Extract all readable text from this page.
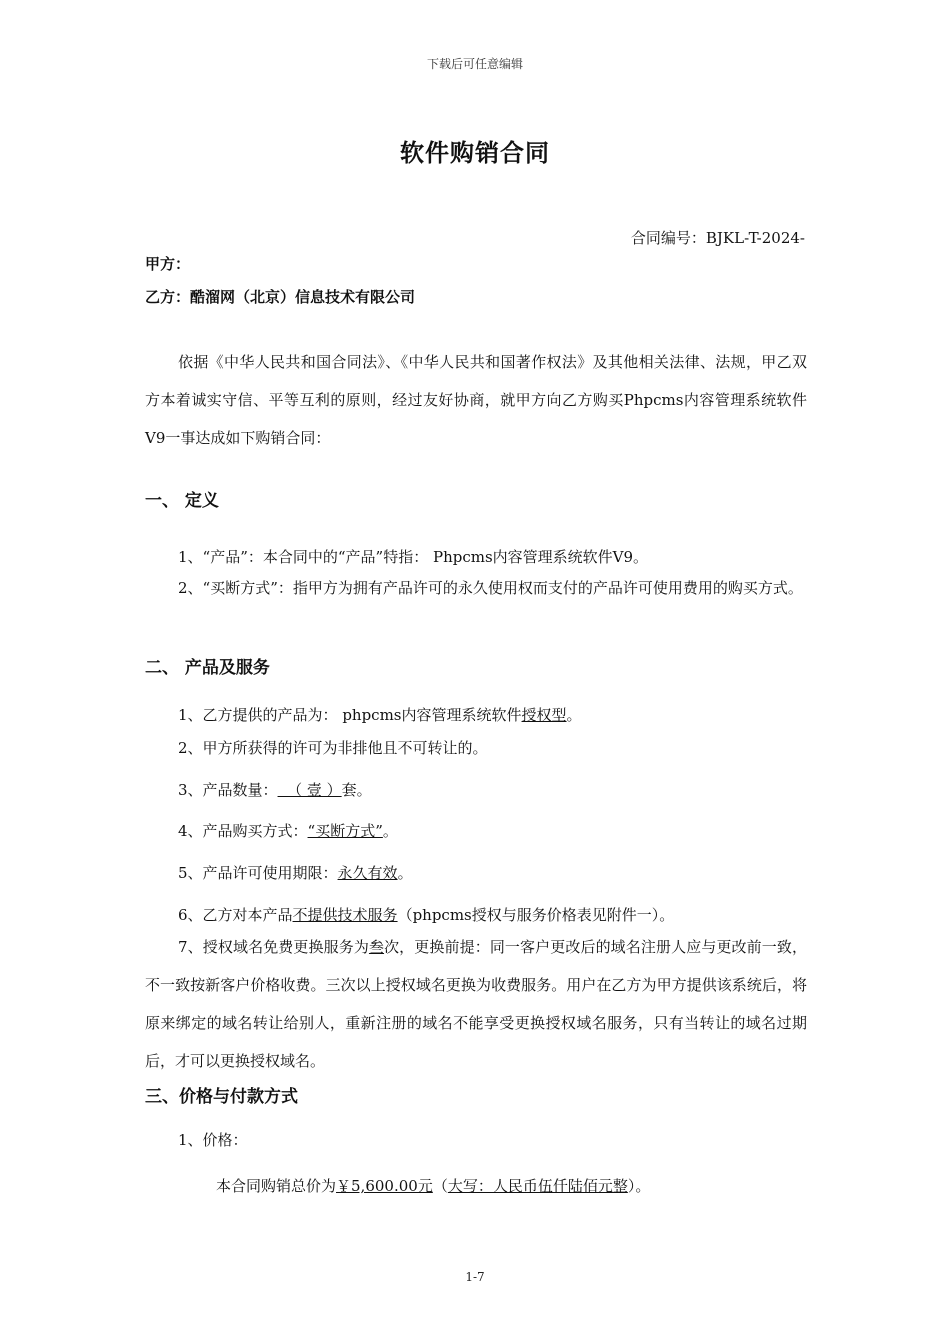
下载后可任意编辑
软件购销合同
合同编号：BJKL-T-2024-
甲方：
乙方：酷溜网（北京）信息技术有限公司
依据《中华人民共和国合同法》、《中华人民共和国著作权法》及其他相关法律、法规，甲乙双方本着诚实守信、平等互利的原则，经过友好协商，就甲方向乙方购买Phpcms内容管理系统软件V9一事达成如下购销合同：
一、 定义
1、“产品”：本合同中的“产品”特指： Phpcms内容管理系统软件V9。
2、“买断方式”：指甲方为拥有产品许可的永久使用权而支付的产品许可使用费用的购买方式。
二、 产品及服务
1、乙方提供的产品为： phpcms内容管理系统软件授权型。
2、甲方所获得的许可为非排他且不可转让的。
3、产品数量：  （ 壹 ）套。
4、产品购买方式：“买断方式”。
5、产品许可使用期限：永久有效。
6、乙方对本产品不提供技术服务（phpcms授权与服务价格表见附件一）。
7、授权域名免费更换服务为叁次，更换前提：同一客户更改后的域名注册人应与更改前一致，不一致按新客户价格收费。三次以上授权域名更换为收费服务。用户在乙方为甲方提供该系统后，将原来绑定的域名转让给别人，重新注册的域名不能享受更换授权域名服务，只有当转让的域名过期后，才可以更换授权域名。
三、价格与付款方式
1、价格：
本合同购销总价为￥5,600.00元（大写：人民币伍仟陆佰元整）。
1-7
